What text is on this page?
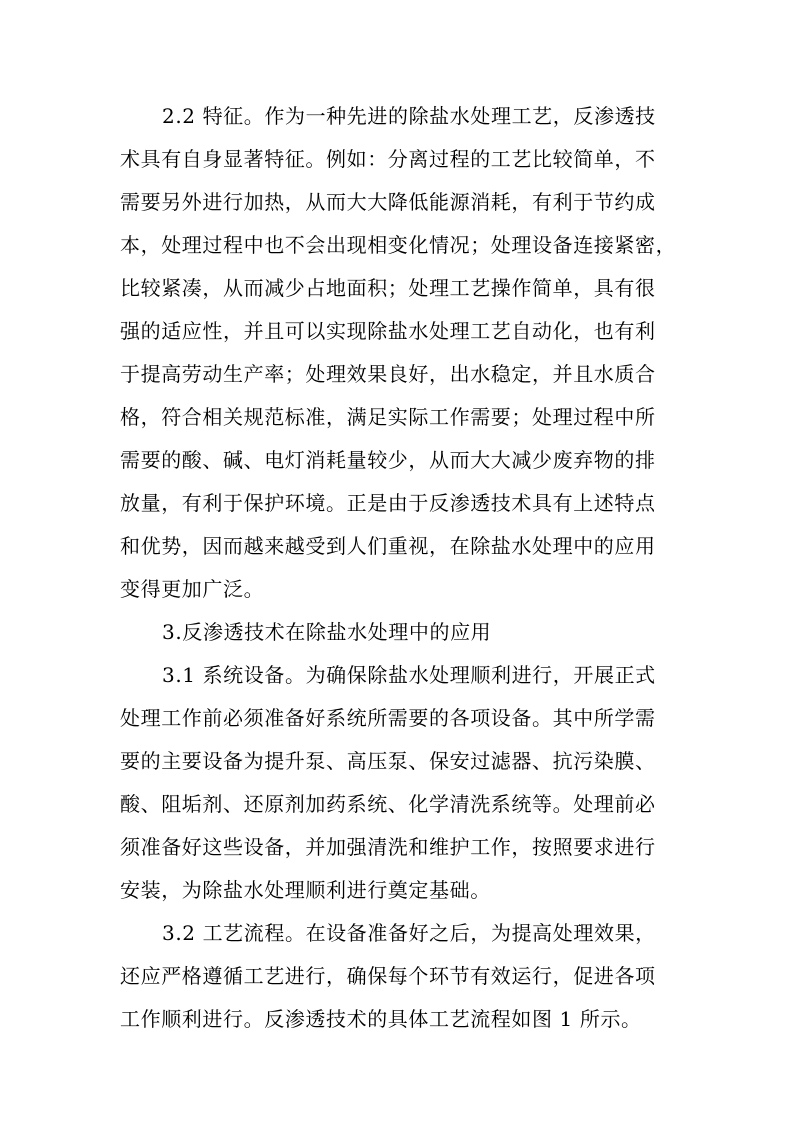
2.2 特征。作为一种先进的除盐水处理工艺，反渗透技
术具有自身显著特征。例如：分离过程的工艺比较简单，不
需要另外进行加热，从而大大降低能源消耗，有利于节约成
本，处理过程中也不会出现相变化情况；处理设备连接紧密，
比较紧凑，从而减少占地面积；处理工艺操作简单，具有很
强的适应性，并且可以实现除盐水处理工艺自动化，也有利
于提高劳动生产率；处理效果良好，出水稳定，并且水质合
格，符合相关规范标准，满足实际工作需要；处理过程中所
需要的酸、碱、电灯消耗量较少，从而大大减少废弃物的排
放量，有利于保护环境。正是由于反渗透技术具有上述特点
和优势，因而越来越受到人们重视，在除盐水处理中的应用
变得更加广泛。
3.反渗透技术在除盐水处理中的应用
3.1 系统设备。为确保除盐水处理顺利进行，开展正式
处理工作前必须准备好系统所需要的各项设备。其中所学需
要的主要设备为提升泵、高压泵、保安过滤器、抗污染膜、
酸、阻垢剂、还原剂加药系统、化学清洗系统等。处理前必
须准备好这些设备，并加强清洗和维护工作，按照要求进行
安装，为除盐水处理顺利进行奠定基础。
3.2 工艺流程。在设备准备好之后，为提高处理效果，
还应严格遵循工艺进行，确保每个环节有效运行，促进各项
工作顺利进行。反渗透技术的具体工艺流程如图 1 所示。
